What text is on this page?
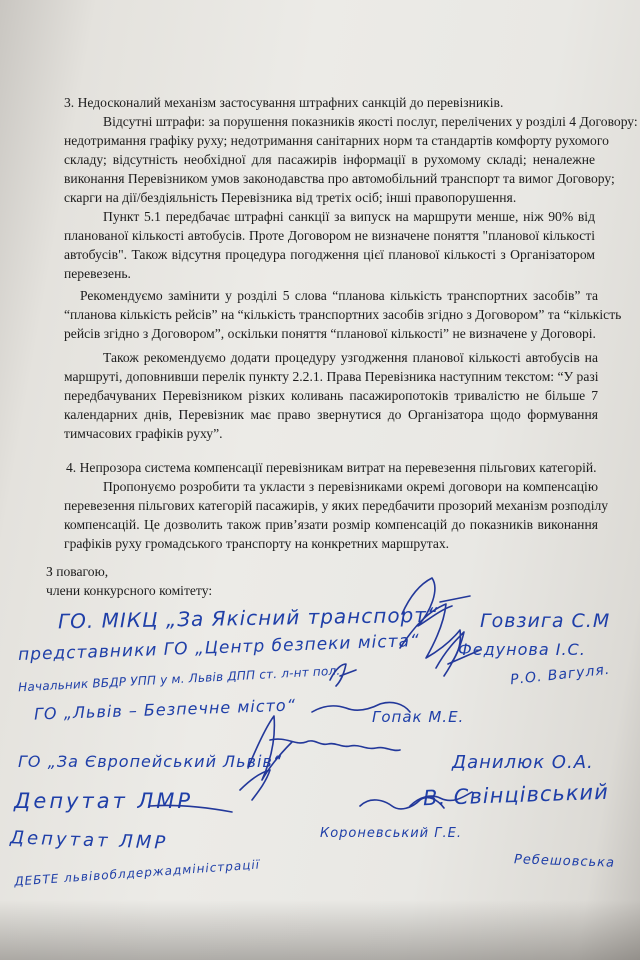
3. Недосконалий механізм застосування штрафних санкцій до перевізників.
Відсутні штрафи: за порушення показників якості послуг, перелічених у розділі 4 Договору:
недотримання графіку руху; недотримання санітарних норм та стандартів комфорту рухомого
складу; відсутність необхідної для пасажирів інформації в рухомому складі; неналежне
виконання Перевізником умов законодавства про автомобільний транспорт та вимог Договору;
скарги на дії/бездіяльність Перевізника від третіх осіб; інші правопорушення.
Пункт 5.1 передбачає штрафні санкції за випуск на маршрути менше, ніж 90% від
планованої кількості автобусів. Проте Договором не визначене поняття "планової кількості
автобусів". Також відсутня процедура погодження цієї планової кількості з Організатором
перевезень.
Рекомендуємо замінити у розділі 5 слова “планова кількість транспортних засобів” та
“планова кількість рейсів” на “кількість транспортних засобів згідно з Договором” та “кількість
рейсів згідно з Договором”, оскільки поняття “планової кількості” не визначене у Договорі.
Також рекомендуємо додати процедуру узгодження планової кількості автобусів на
маршруті, доповнивши перелік пункту 2.2.1. Права Перевізника наступним текстом: “У разі
передбачуваних Перевізником різких коливань пасажиропотоків тривалістю не більше 7
календарних днів, Перевізник має право звернутися до Організатора щодо формування
тимчасових графіків руху”.
4. Непрозора система компенсації перевізникам витрат на перевезення пільгових категорій.
Пропонуємо розробити та укласти з перевізниками окремі договори на компенсацію
перевезення пільгових категорій пасажирів, у яких передбачити прозорий механізм розподілу
компенсацій. Це дозволить також прив’язати розмір компенсацій до показників виконання
графіків руху громадського транспорту на конкретних маршрутах.
З повагою,
члени конкурсного комітету:
ГО. МІКЦ „За Якісний транспорт“ Говзига С.М
представники ГО „Центр безпеки міста“ Федунова І.С.
Начальник ВБДР УПП у м. Львів ДПП ст. л-нт пол.	Р.О. Вагуля.
ГО „Львів – Безпечне місто“	Гопак М.Е.
ГО „За Європейський Львів“	Данилюк О.А.
Депутат ЛМР	В. Свінцівський
Депутат ЛМР	Короневський Г.Е.
ДЕБТЕ львівоблдержадміністрації	Ребешовська
